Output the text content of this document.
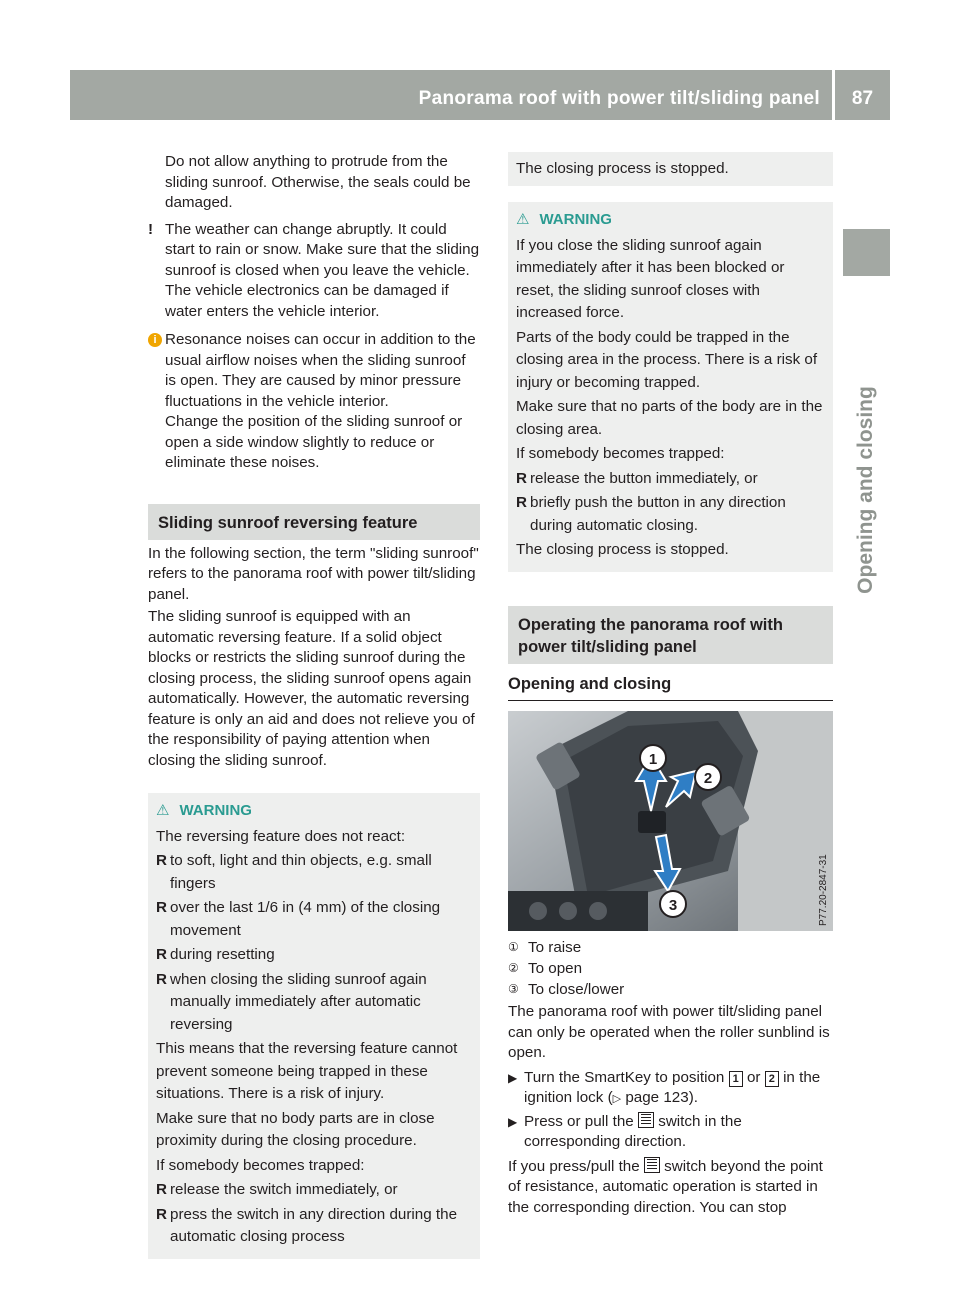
Panorama roof with power tilt/sliding panel	87
Opening and closing

Do not allow anything to protrude from the sliding sunroof. Otherwise, the seals could be damaged.

! The weather can change abruptly. It could start to rain or snow. Make sure that the sliding sunroof is closed when you leave the vehicle. The vehicle electronics can be damaged if water enters the vehicle interior.

i Resonance noises can occur in addition to the usual airflow noises when the sliding sunroof is open. They are caused by minor pressure fluctuations in the vehicle interior.

Change the position of the sliding sunroof or open a side window slightly to reduce or eliminate these noises.

Sliding sunroof reversing feature

In the following section, the term "sliding sunroof" refers to the panorama roof with power tilt/sliding panel.

The sliding sunroof is equipped with an automatic reversing feature. If a solid object blocks or restricts the sliding sunroof during the closing process, the sliding sunroof opens again automatically. However, the automatic reversing feature is only an aid and does not relieve you of the responsibility of paying attention when closing the sliding sunroof.

⚠ WARNING

The reversing feature does not react:

R to soft, light and thin objects, e.g. small fingers

R over the last 1/6 in (4 mm) of the closing movement

R during resetting

R when closing the sliding sunroof again manually immediately after automatic reversing

This means that the reversing feature cannot prevent someone being trapped in these situations. There is a risk of injury.

Make sure that no body parts are in close proximity during the closing procedure.

If somebody becomes trapped:

R release the switch immediately, or

R press the switch in any direction during the automatic closing process

The closing process is stopped.
⚠ WARNING

If you close the sliding sunroof again immediately after it has been blocked or reset, the sliding sunroof closes with increased force.

Parts of the body could be trapped in the closing area in the process. There is a risk of injury or becoming trapped.

Make sure that no parts of the body are in the closing area.

If somebody becomes trapped:

R release the button immediately, or

R briefly push the button in any direction during automatic closing.

The closing process is stopped.

Operating the panorama roof with power tilt/sliding panel
Opening and closing
1
2
3	P77.20-2847-31

① To raise

② To open

③ To close/lower

The panorama roof with power tilt/sliding panel can only be operated when the roller sunblind is open.

▶ Turn the SmartKey to position 1 or 2 in the ignition lock (▷ page 123).

▶ Press or pull the switch in the corresponding direction.

If you press/pull the switch beyond the point of resistance, automatic operation is started in the corresponding direction. You can stop
